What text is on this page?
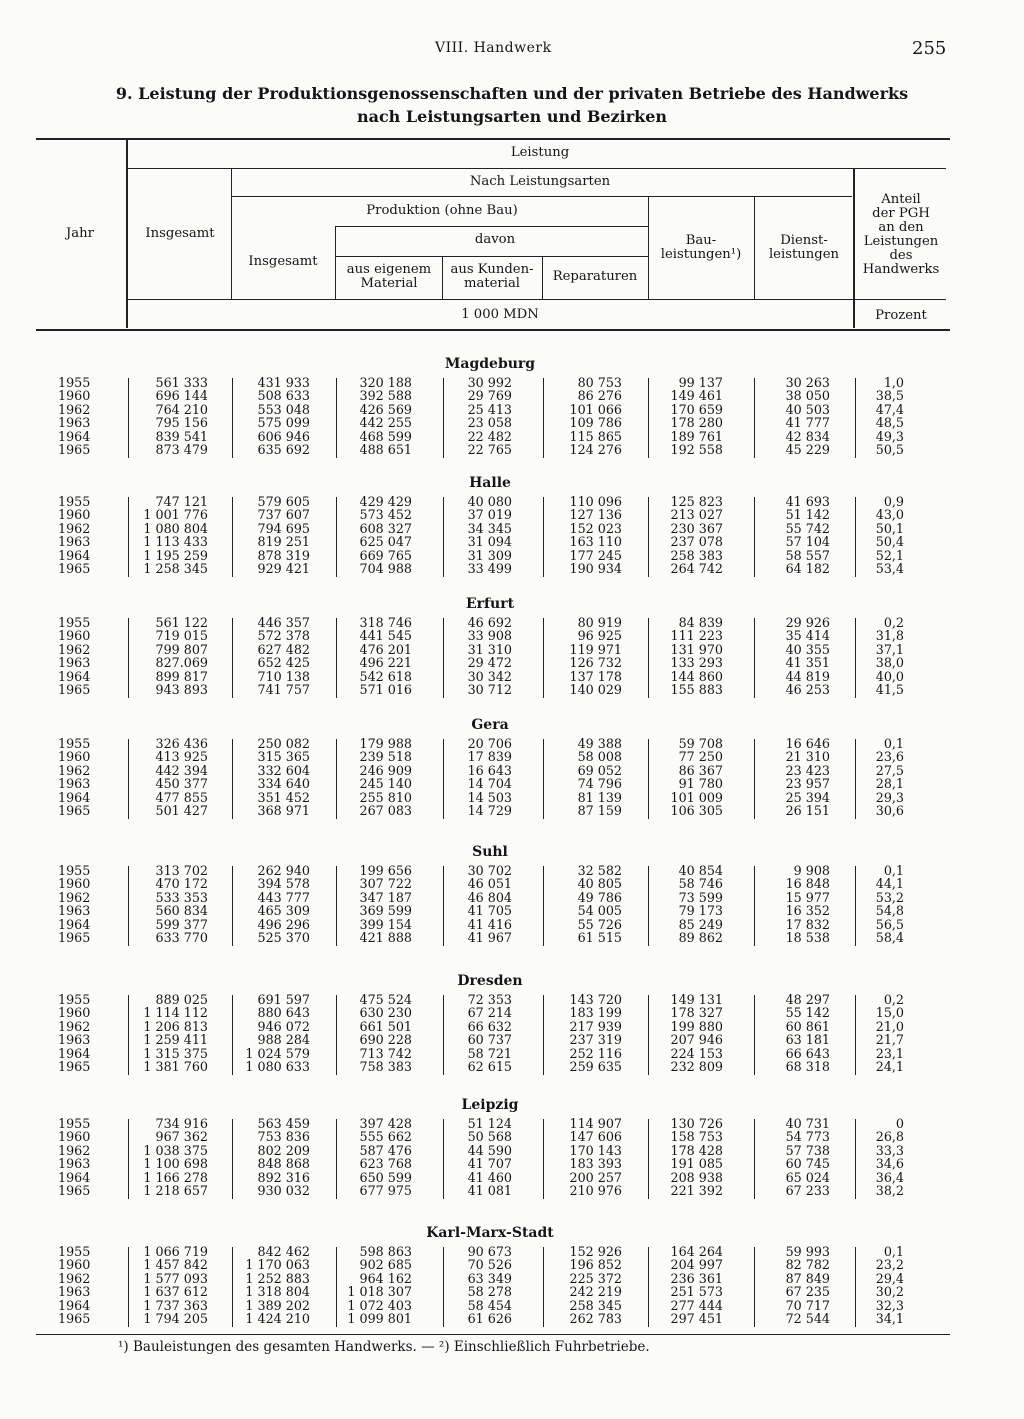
VIII. Handwerk	255
9. Leistung der Produktionsgenossenschaften und der privaten Betriebe des Handwerks
nach Leistungsarten und Bezirken
Jahr
Leistung
Insgesamt
Nach Leistungsarten
Produktion (ohne Bau)
Insgesamt
davon
aus eigenem
Material
aus Kunden-
material	Reparaturen
Bau-
leistungen¹)
Dienst-
leistungen
Anteil
der PGH
an den
Leistungen
des
Handwerks
1 000 MDN	Prozent
Magdeburg
1955	561 333	431 933	320 188	30 992	80 753	99 137	30 263	1,0
1960	696 144	508 633	392 588	29 769	86 276	149 461	38 050	38,5
1962	764 210	553 048	426 569	25 413	101 066	170 659	40 503	47,4
1963	795 156	575 099	442 255	23 058	109 786	178 280	41 777	48,5
1964	839 541	606 946	468 599	22 482	115 865	189 761	42 834	49,3
1965	873 479	635 692	488 651	22 765	124 276	192 558	45 229	50,5
Halle
1955	747 121	579 605	429 429	40 080	110 096	125 823	41 693	0,9
1960	1 001 776	737 607	573 452	37 019	127 136	213 027	51 142	43,0
1962	1 080 804	794 695	608 327	34 345	152 023	230 367	55 742	50,1
1963	1 113 433	819 251	625 047	31 094	163 110	237 078	57 104	50,4
1964	1 195 259	878 319	669 765	31 309	177 245	258 383	58 557	52,1
1965	1 258 345	929 421	704 988	33 499	190 934	264 742	64 182	53,4
Erfurt
1955	561 122	446 357	318 746	46 692	80 919	84 839	29 926	0,2
1960	719 015	572 378	441 545	33 908	96 925	111 223	35 414	31,8
1962	799 807	627 482	476 201	31 310	119 971	131 970	40 355	37,1
1963	827.069	652 425	496 221	29 472	126 732	133 293	41 351	38,0
1964	899 817	710 138	542 618	30 342	137 178	144 860	44 819	40,0
1965	943 893	741 757	571 016	30 712	140 029	155 883	46 253	41,5
Gera
1955	326 436	250 082	179 988	20 706	49 388	59 708	16 646	0,1
1960	413 925	315 365	239 518	17 839	58 008	77 250	21 310	23,6
1962	442 394	332 604	246 909	16 643	69 052	86 367	23 423	27,5
1963	450 377	334 640	245 140	14 704	74 796	91 780	23 957	28,1
1964	477 855	351 452	255 810	14 503	81 139	101 009	25 394	29,3
1965	501 427	368 971	267 083	14 729	87 159	106 305	26 151	30,6
Suhl
1955	313 702	262 940	199 656	30 702	32 582	40 854	9 908	0,1
1960	470 172	394 578	307 722	46 051	40 805	58 746	16 848	44,1
1962	533 353	443 777	347 187	46 804	49 786	73 599	15 977	53,2
1963	560 834	465 309	369 599	41 705	54 005	79 173	16 352	54,8
1964	599 377	496 296	399 154	41 416	55 726	85 249	17 832	56,5
1965	633 770	525 370	421 888	41 967	61 515	89 862	18 538	58,4
Dresden
1955	889 025	691 597	475 524	72 353	143 720	149 131	48 297	0,2
1960	1 114 112	880 643	630 230	67 214	183 199	178 327	55 142	15,0
1962	1 206 813	946 072	661 501	66 632	217 939	199 880	60 861	21,0
1963	1 259 411	988 284	690 228	60 737	237 319	207 946	63 181	21,7
1964	1 315 375	1 024 579	713 742	58 721	252 116	224 153	66 643	23,1
1965	1 381 760	1 080 633	758 383	62 615	259 635	232 809	68 318	24,1
Leipzig
1955	734 916	563 459	397 428	51 124	114 907	130 726	40 731	0
1960	967 362	753 836	555 662	50 568	147 606	158 753	54 773	26,8
1962	1 038 375	802 209	587 476	44 590	170 143	178 428	57 738	33,3
1963	1 100 698	848 868	623 768	41 707	183 393	191 085	60 745	34,6
1964	1 166 278	892 316	650 599	41 460	200 257	208 938	65 024	36,4
1965	1 218 657	930 032	677 975	41 081	210 976	221 392	67 233	38,2
Karl-Marx-Stadt
1955	1 066 719	842 462	598 863	90 673	152 926	164 264	59 993	0,1
1960	1 457 842	1 170 063	902 685	70 526	196 852	204 997	82 782	23,2
1962	1 577 093	1 252 883	964 162	63 349	225 372	236 361	87 849	29,4
1963	1 637 612	1 318 804	1 018 307	58 278	242 219	251 573	67 235	30,2
1964	1 737 363	1 389 202	1 072 403	58 454	258 345	277 444	70 717	32,3
1965	1 794 205	1 424 210	1 099 801	61 626	262 783	297 451	72 544	34,1
¹) Bauleistungen des gesamten Handwerks. — ²) Einschließlich Fuhrbetriebe.
